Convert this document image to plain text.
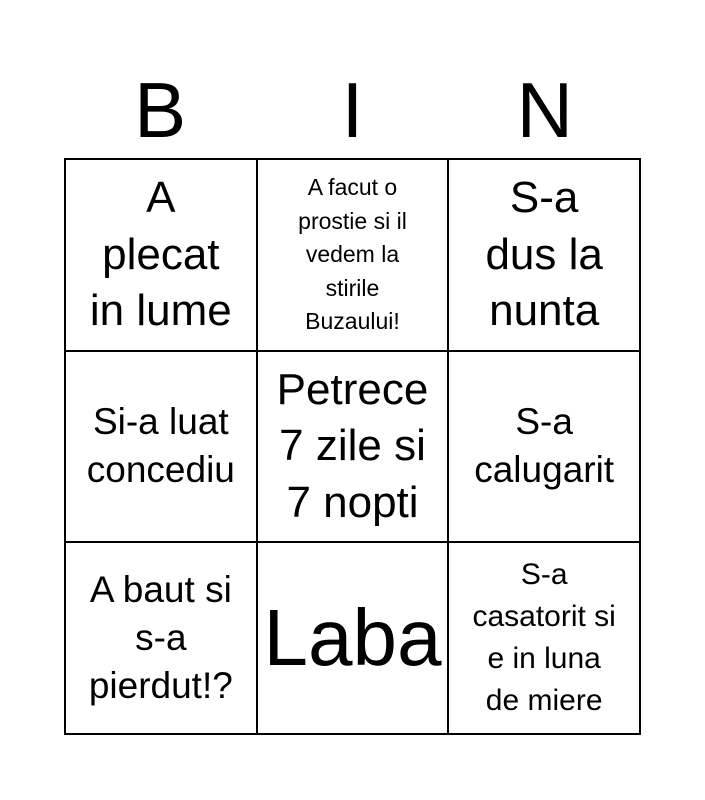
B	I	N
A
plecat
in lume
A facut o
prostie si il
vedem la
stirile
Buzaului!
S-a
dus la
nunta
Si-a luat
concediu
Petrece
7 zile si
7 nopti
S-a
calugarit
A baut si
s-a
pierdut!?
Laba
S-a
casatorit si
e in luna
de miere
